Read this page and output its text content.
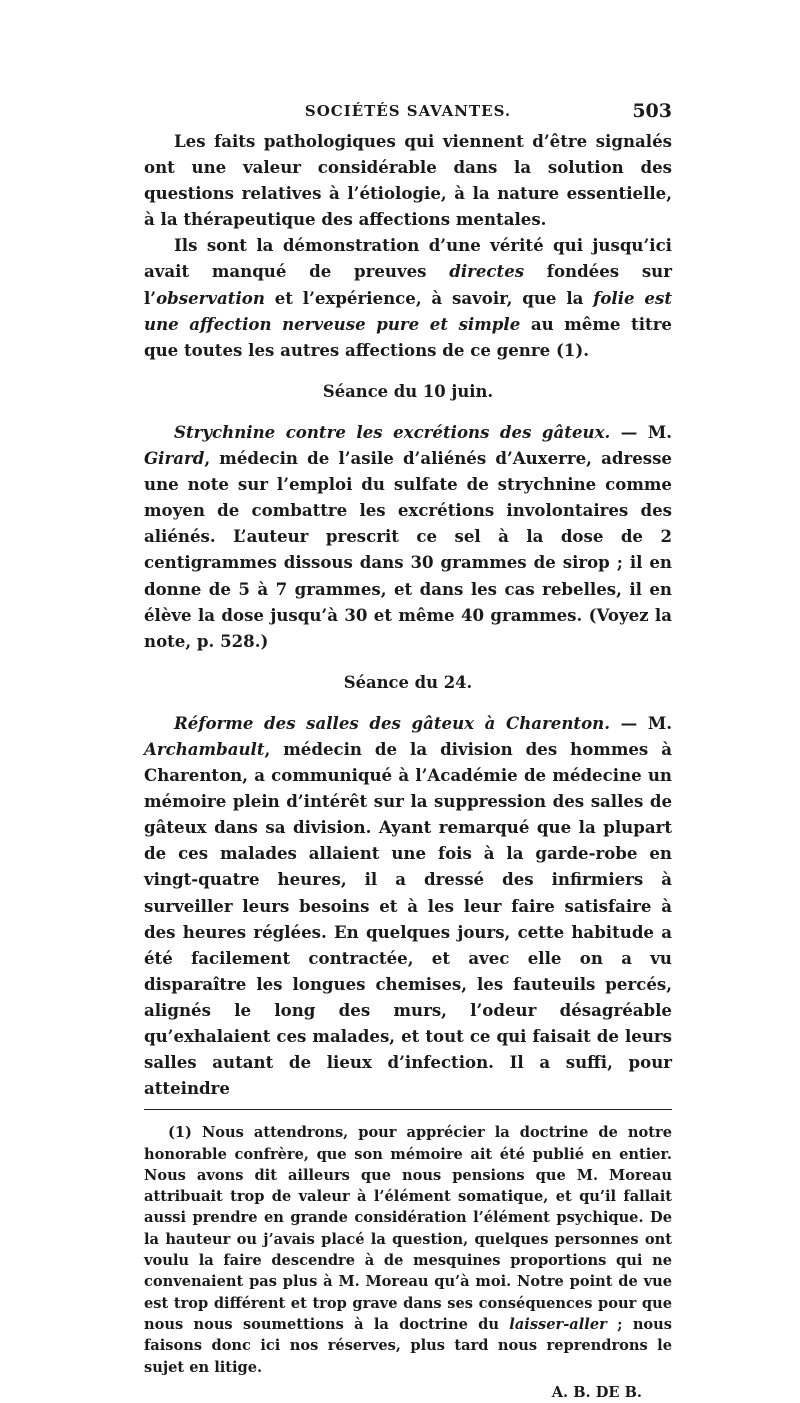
SOCIÉTÉS SAVANTES.	503

Les faits pathologiques qui viennent d’être signalés ont une valeur considérable dans la solution des questions relatives à l’étiologie, à la nature essentielle, à la thérapeutique des affections mentales.

Ils sont la démonstration d’une vérité qui jusqu’ici avait manqué de preuves directes fondées sur l’observation et l’expérience, à savoir, que la folie est une affection nerveuse pure et simple au même titre que toutes les autres affections de ce genre (1).

Séance du 10 juin.

Strychnine contre les excrétions des gâteux. — M. Girard, médecin de l’asile d’aliénés d’Auxerre, adresse une note sur l’emploi du sulfate de strychnine comme moyen de combattre les excrétions involontaires des aliénés. L’auteur prescrit ce sel à la dose de 2 centigrammes dissous dans 30 grammes de sirop ; il en donne de 5 à 7 grammes, et dans les cas rebelles, il en élève la dose jusqu’à 30 et même 40 grammes. (Voyez la note, p. 528.)

Séance du 24.

Réforme des salles des gâteux à Charenton. — M. Archambault, médecin de la division des hommes à Charenton, a communiqué à l’Académie de médecine un mémoire plein d’intérêt sur la suppression des salles de gâteux dans sa division. Ayant remarqué que la plupart de ces malades allaient une fois à la garde-robe en vingt-quatre heures, il a dressé des infirmiers à surveiller leurs besoins et à les leur faire satisfaire à des heures réglées. En quelques jours, cette habitude a été facilement contractée, et avec elle on a vu disparaître les longues chemises, les fauteuils percés, alignés le long des murs, l’odeur désagréable qu’exhalaient ces malades, et tout ce qui faisait de leurs salles autant de lieux d’infection. Il a suffi, pour atteindre

(1) Nous attendrons, pour apprécier la doctrine de notre honorable confrère, que son mémoire ait été publié en entier. Nous avons dit ailleurs que nous pensions que M. Moreau attribuait trop de valeur à l’élément somatique, et qu’il fallait aussi prendre en grande considération l’élément psychique. De la hauteur ou j’avais placé la question, quelques personnes ont voulu la faire descendre à de mesquines proportions qui ne convenaient pas plus à M. Moreau qu’à moi. Notre point de vue est trop différent et trop grave dans ses conséquences pour que nous nous soumettions à la doctrine du laisser-aller ; nous faisons donc ici nos réserves, plus tard nous reprendrons le sujet en litige.

A. B. DE B.
